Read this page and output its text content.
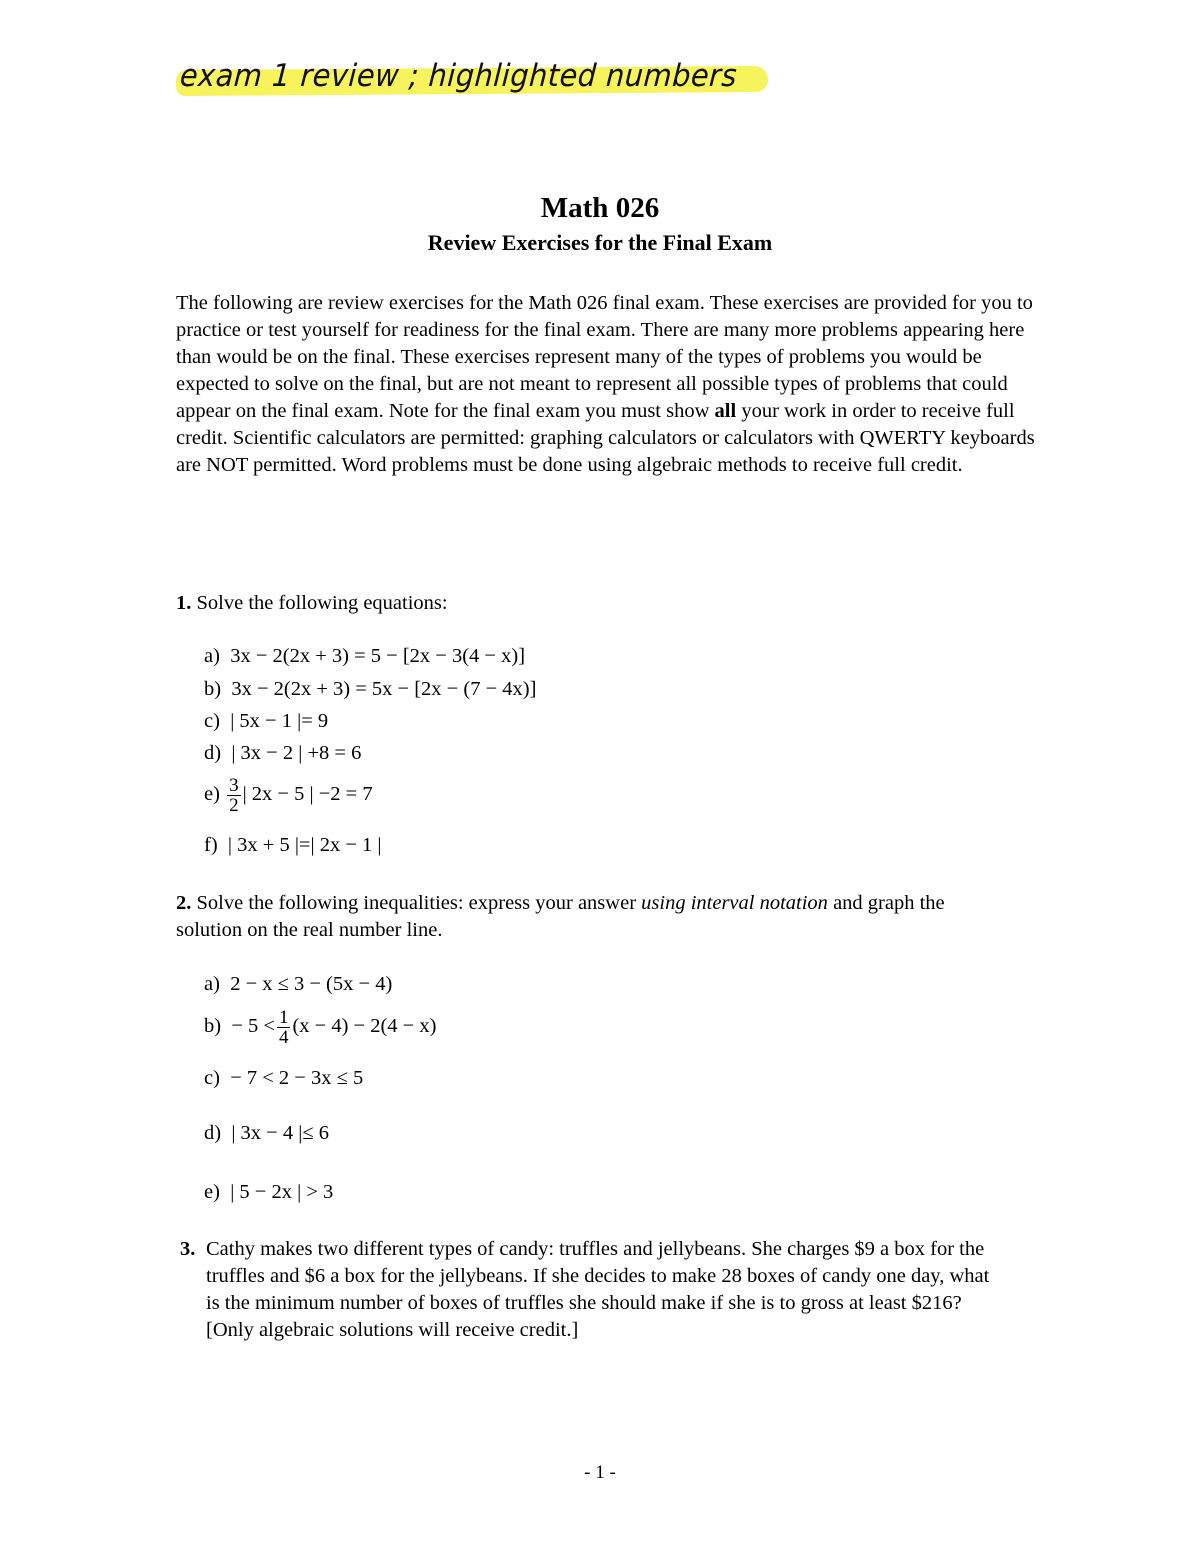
exam 1 review ; highlighted numbers
Math 026
Review Exercises for the Final Exam

The following are review exercises for the Math 026 final exam. These exercises are provided for you to practice or test yourself for readiness for the final exam. There are many more problems appearing here than would be on the final. These exercises represent many of the types of problems you would be expected to solve on the final, but are not meant to represent all possible types of problems that could appear on the final exam. Note for the final exam you must show all your work in order to receive full credit. Scientific calculators are permitted: graphing calculators or calculators with QWERTY keyboards are NOT permitted. Word problems must be done using algebraic methods to receive full credit.

1. Solve the following equations:
a) 3x − 2(2x + 3) = 5 − [2x − 3(4 − x)]
b) 3x − 2(2x + 3) = 5x − [2x − (7 − 4x)]
c) | 5x − 1 |= 9
d) | 3x − 2 | +8 = 6
$e) \frac{3}{2}$ | 2x − 5 | −2 = 7
f) | 3x + 5 |=| 2x − 1 |
2. Solve the following inequalities: express your answer using interval notation and graph the solution on the real number line.
a) 2 − x ≤ 3 − (5x − 4)
$b) - 5 < \frac{1}{4} (x - 4) - 2(4 - x)$
c) − 7 < 2 − 3x ≤ 5
d) | 3x − 4 |≤ 6
e) | 5 − 2x | > 3
3. Cathy makes two different types of candy: truffles and jellybeans. She charges $9 a box for the truffles and $6 a box for the jellybeans. If she decides to make 28 boxes of candy one day, what is the minimum number of boxes of truffles she should make if she is to gross at least $216? [Only algebraic solutions will receive credit.]
- 1 -
